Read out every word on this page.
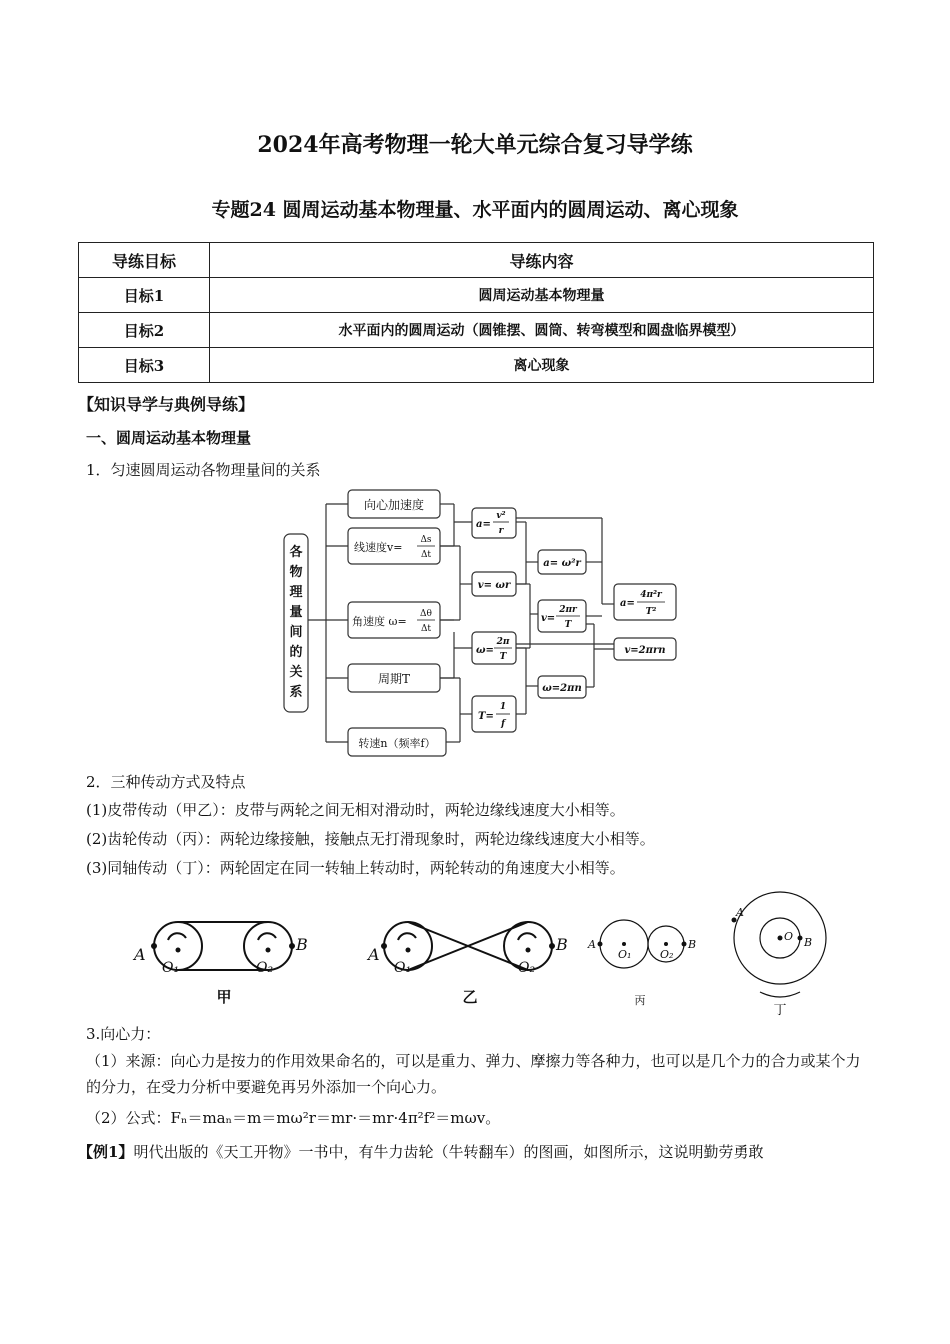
2024年高考物理一轮大单元综合复习导学练
专题24 圆周运动基本物理量、水平面内的圆周运动、离心现象
导练目标	导练内容
目标1	圆周运动基本物理量
目标2	水平面内的圆周运动（圆锥摆、圆筒、转弯模型和圆盘临界模型）
目标3	离心现象
【知识导学与典例导练】
一、圆周运动基本物理量
1．匀速圆周运动各物理量间的关系
各
物
理
量
间
的
关
系
向心加速度
线速度v=
Δs
Δt
角速度 ω=
Δθ
Δt
周期T
转速n（频率f）
a=
v²
r
v= ωr
ω=
2π
T
T=
1
f
a= ω²r
v=
2πr
T
ω=2πn
a=
4π²r
T²
v=2πrn
2．三种传动方式及特点
(1)皮带传动（甲乙）：皮带与两轮之间无相对滑动时，两轮边缘线速度大小相等。
(2)齿轮传动（丙）：两轮边缘接触，接触点无打滑现象时，两轮边缘线速度大小相等。
(3)同轴传动（丁）：两轮固定在同一转轴上转动时，两轮转动的角速度大小相等。
A
B
O₁	O₂
A
B
O₁	O₂
A	B
O₁	O₂
A
O B
甲	乙	丙
丁
3.向心力：
（1）来源：向心力是按力的作用效果命名的，可以是重力、弹力、摩擦力等各种力，也可以是几个力的合力或某个力的分力，在受力分析中要避免再另外添加一个向心力。
（2）公式：Fₙ＝maₙ＝m＝mω²r＝mr·＝mr·4π²f²＝mωv。
【例1】明代出版的《天工开物》一书中，有牛力齿轮（牛转翻车）的图画，如图所示，这说明勤劳勇敢
